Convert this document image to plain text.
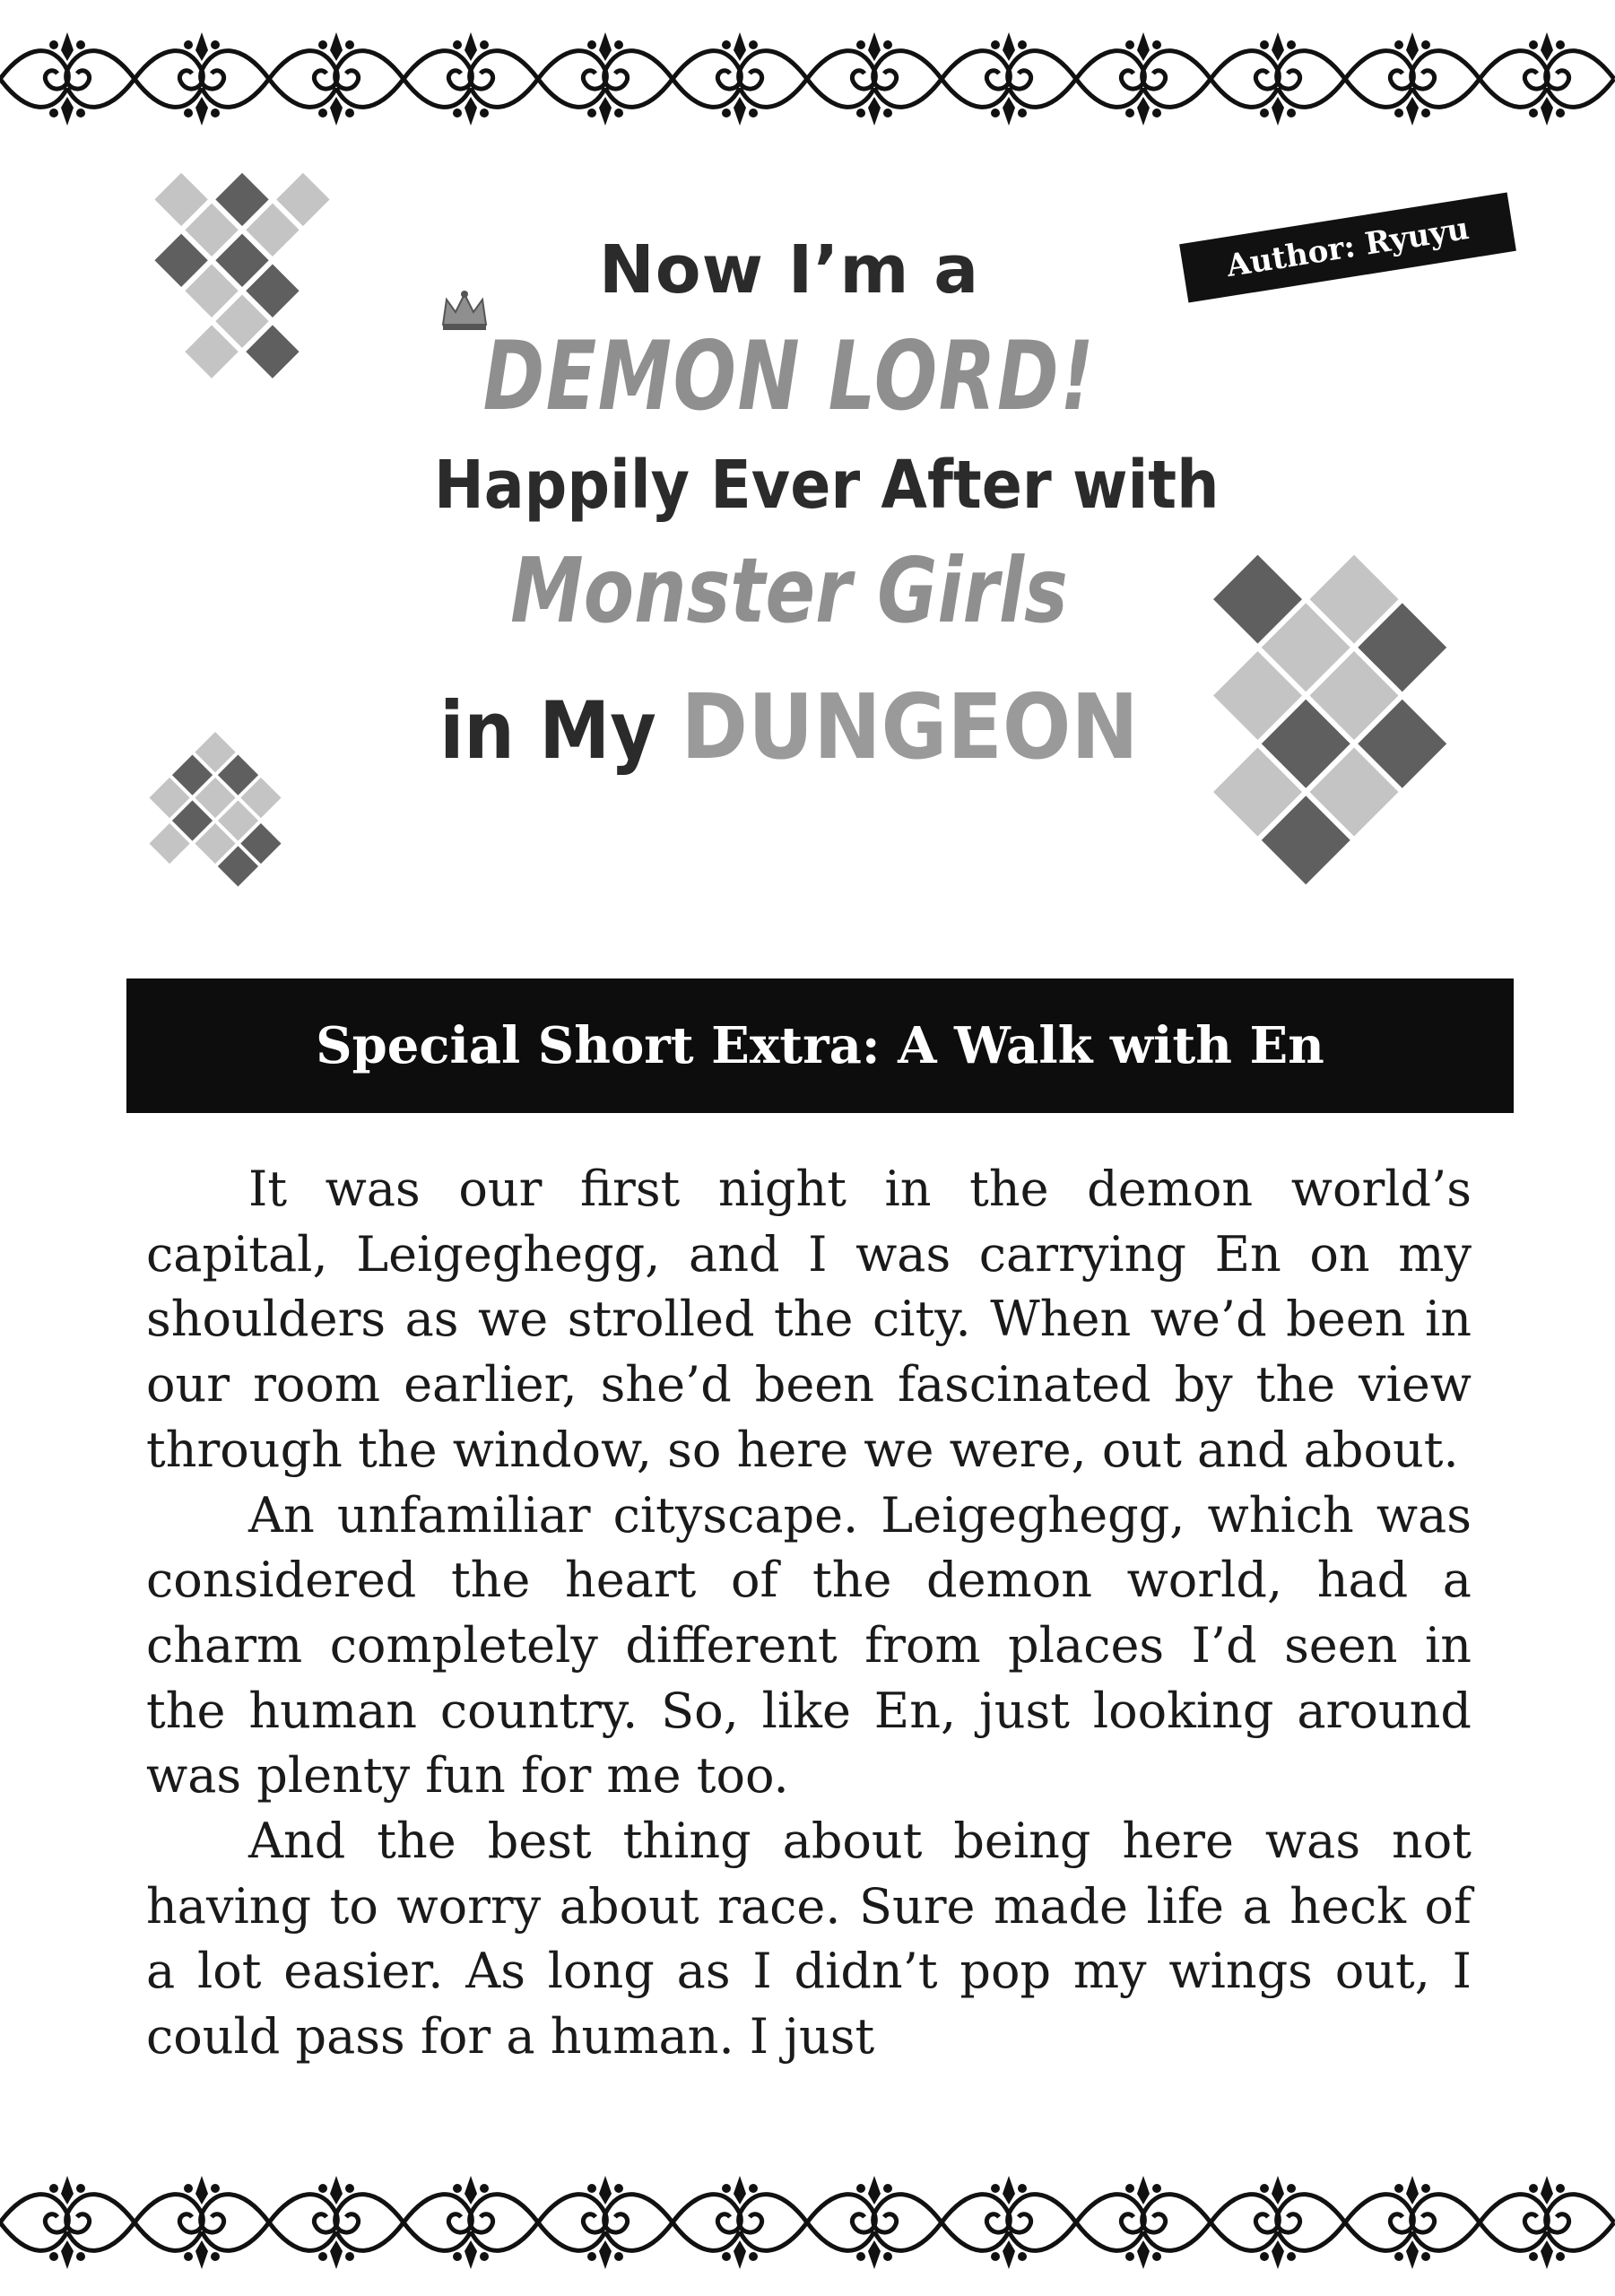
Now I’m a
DEMON LORD!
Happily Ever After with
Monster Girls
in My DUNGEON
Author: Ryuyu
Special Short Extra: A Walk with En

It was our first night in the demon world’s capital, Leigeghegg, and I was carrying En on my shoulders as we strolled the city. When we’d been in our room earlier, she’d been fascinated by the view through the window, so here we were, out and about.

An unfamiliar cityscape. Leigeghegg, which was considered the heart of the demon world, had a charm completely different from places I’d seen in the human country. So, like En, just looking around was plenty fun for me too.

And the best thing about being here was not having to worry about race. Sure made life a heck of a lot easier. As long as I didn’t pop my wings out, I could pass for a human. I just
